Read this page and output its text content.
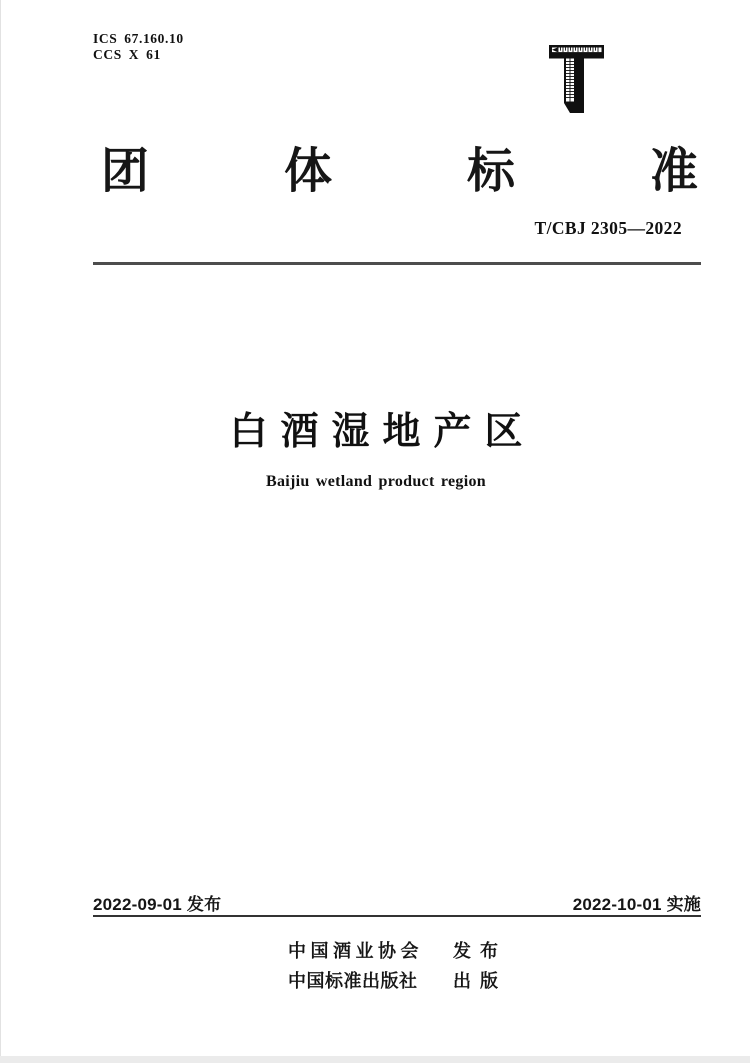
ICS 67.160.10
CCS X 61
团	体	标	准
T/CBJ 2305—2022
白酒湿地产区
Baijiu wetland product region
2022-09-01 发布	2022-10-01 实施
中国酒业协会 发 布
中国标准出版社 出 版
